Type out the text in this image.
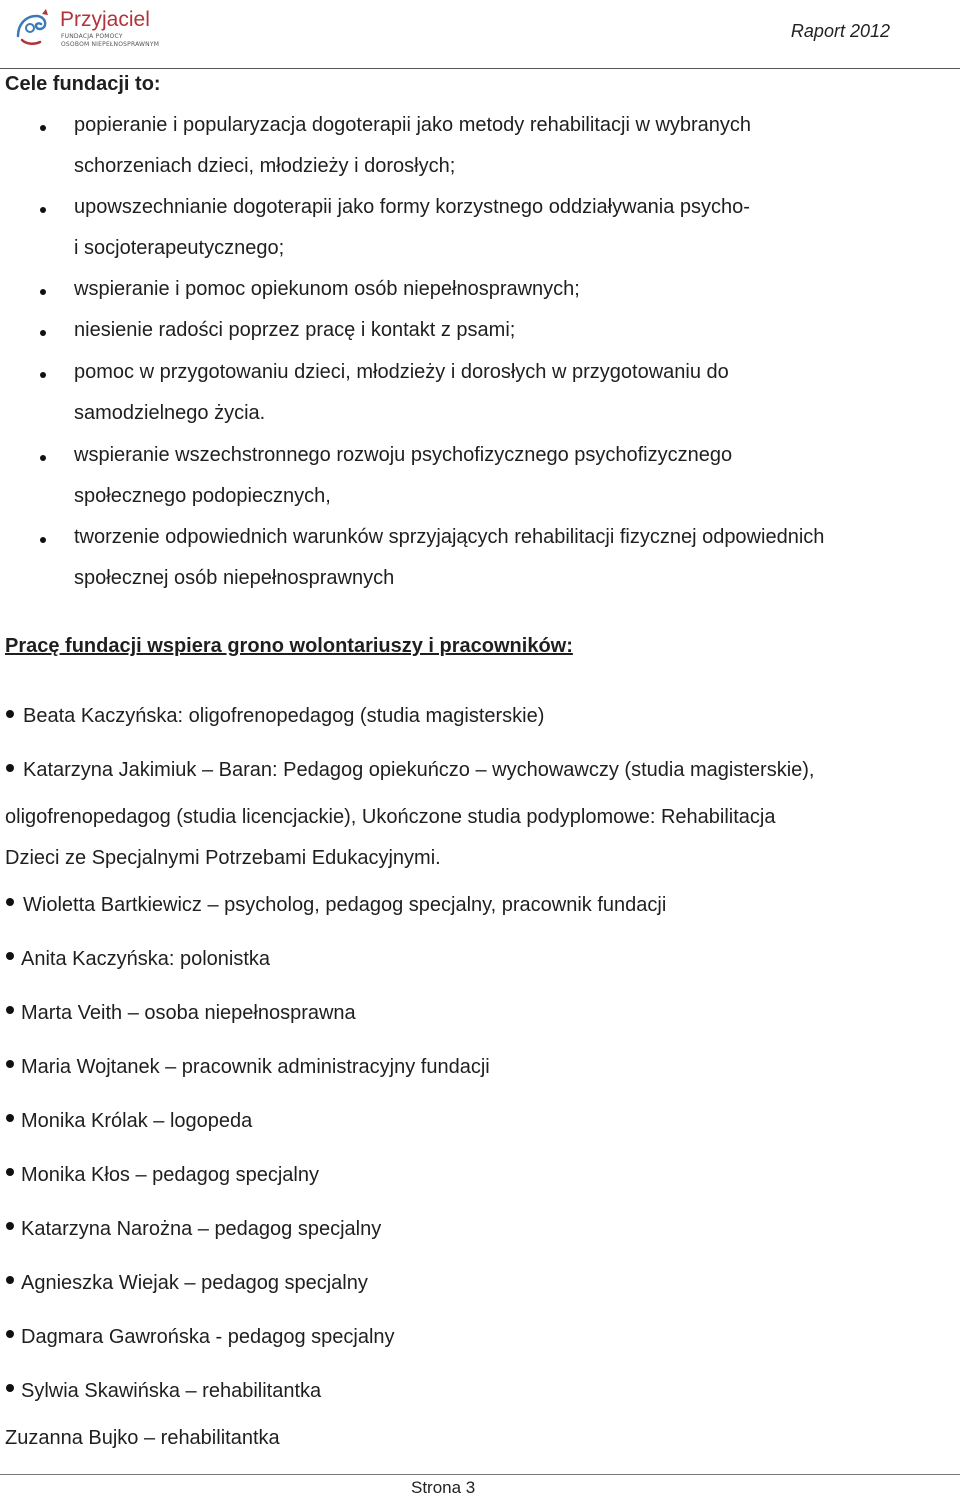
Przyjaciel
FUNDACJA POMOCY
OSOBOM NIEPEŁNOSPRAWNYM
Raport 2012
Cele fundacji to:
popieranie i popularyzacja dogoterapii jako metody rehabilitacji w wybranych
schorzeniach dzieci, młodzieży i dorosłych;
upowszechnianie dogoterapii jako formy korzystnego oddziaływania psycho-
i socjoterapeutycznego;
wspieranie i pomoc opiekunom osób niepełnosprawnych;
niesienie radości poprzez pracę i kontakt z psami;
pomoc w przygotowaniu dzieci, młodzieży i dorosłych w przygotowaniu do
samodzielnego życia.
wspieranie wszechstronnego rozwoju psychofizycznego psychofizycznego
społecznego podopiecznych,
tworzenie odpowiednich warunków sprzyjających rehabilitacji fizycznej odpowiednich
społecznej osób niepełnosprawnych
Pracę fundacji wspiera grono wolontariuszy i pracowników:
Beata Kaczyńska: oligofrenopedagog (studia magisterskie)
Katarzyna Jakimiuk – Baran: Pedagog opiekuńczo – wychowawczy (studia magisterskie),
oligofrenopedagog (studia licencjackie), Ukończone studia podyplomowe: Rehabilitacja
Dzieci ze Specjalnymi Potrzebami Edukacyjnymi.
Wioletta Bartkiewicz – psycholog, pedagog specjalny, pracownik fundacji
Anita Kaczyńska: polonistka
Marta Veith – osoba niepełnosprawna
Maria Wojtanek – pracownik administracyjny fundacji
Monika Królak – logopeda
Monika Kłos – pedagog specjalny
Katarzyna Narożna – pedagog specjalny
Agnieszka Wiejak – pedagog specjalny
Dagmara Gawrońska - pedagog specjalny
Sylwia Skawińska – rehabilitantka
Zuzanna Bujko – rehabilitantka
Strona 3
